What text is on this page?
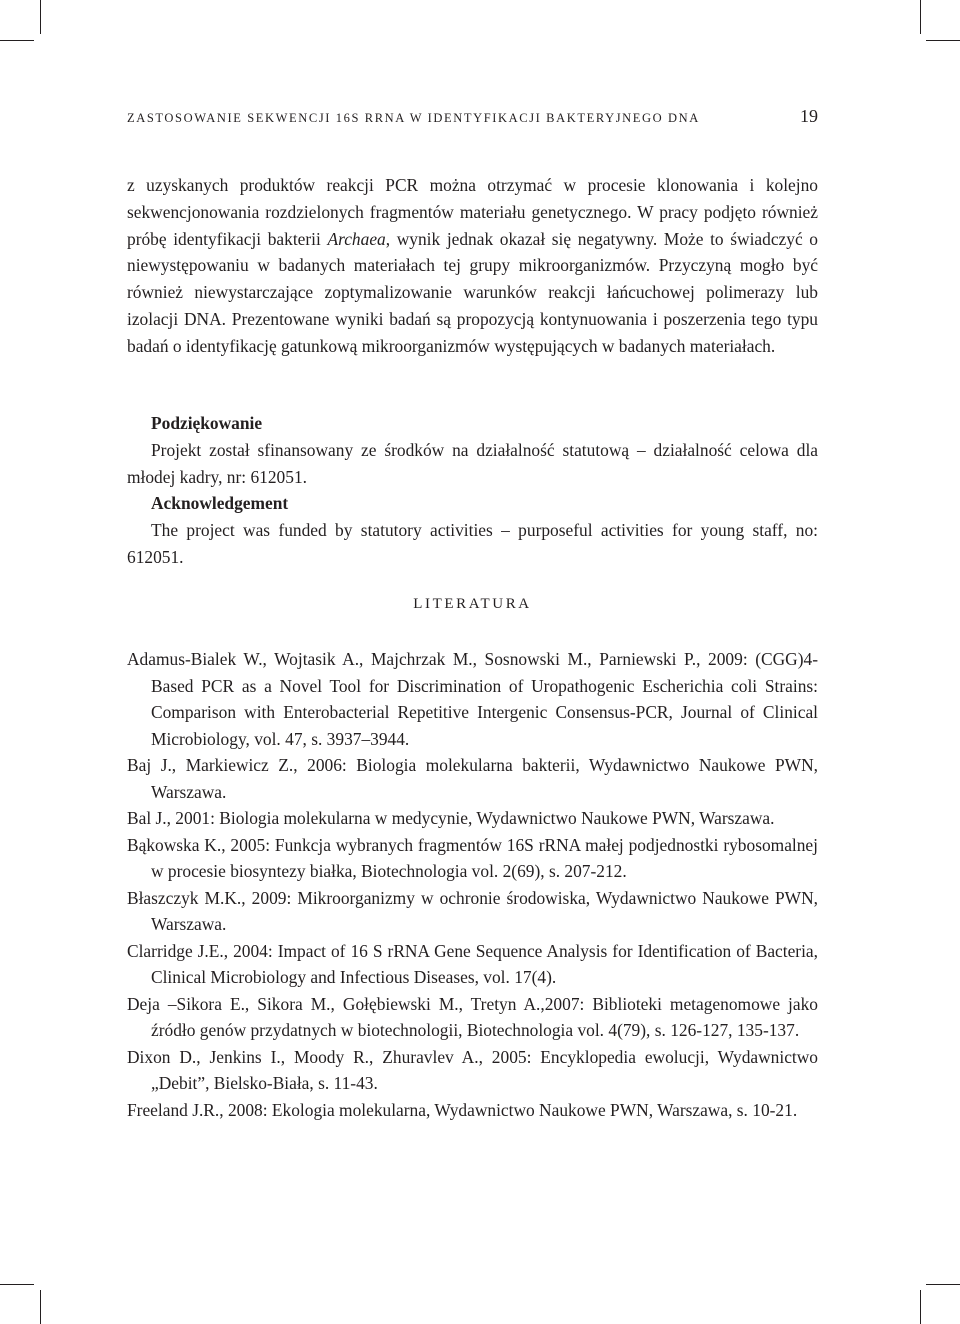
ZASTOSOWANIE SEKWENCJI 16S RRNA W IDENTYFIKACJI BAKTERYJNEGO DNA	19

z uzyskanych produktów reakcji PCR można otrzymać w procesie klonowania i kolejno sekwencjonowania rozdzielonych fragmentów materiału genetycznego. W pracy podjęto również próbę identyfikacji bakterii Archaea, wynik jednak okazał się negatywny. Może to świadczyć o niewystępowaniu w badanych materiałach tej grupy mikroorganizmów. Przyczyną mogło być również niewystarczające zoptymalizowanie warunków reakcji łańcuchowej polimerazy lub izolacji DNA. Prezentowane wyniki badań są propozycją kontynuowania i poszerzenia tego typu badań o identyfikację gatunkową mikroorganizmów występujących w badanych materiałach.

Podziękowanie

Projekt został sfinansowany ze środków na działalność statutową – działalność celowa dla młodej kadry, nr: 612051.

Acknowledgement

The project was funded by statutory activities – purposeful activities for young staff, no: 612051.

LITERATURA

Adamus-Bialek W., Wojtasik A., Majchrzak M., Sosnowski M., Parniewski P., 2009: (CGG)4-Based PCR as a Novel Tool for Discrimination of Uropathogenic Escherichia coli Strains: Comparison with Enterobacterial Repetitive Intergenic Consensus-PCR, Journal of Clinical Microbiology, vol. 47, s. 3937–3944.

Baj J., Markiewicz Z., 2006: Biologia molekularna bakterii, Wydawnictwo Naukowe PWN, Warszawa.

Bal J., 2001: Biologia molekularna w medycynie, Wydawnictwo Naukowe PWN, Warszawa.

Bąkowska K., 2005: Funkcja wybranych fragmentów 16S rRNA małej podjednostki rybosomalnej w procesie biosyntezy białka, Biotechnologia vol. 2(69), s. 207-212.

Błaszczyk M.K., 2009: Mikroorganizmy w ochronie środowiska, Wydawnictwo Naukowe PWN, Warszawa.

Clarridge J.E., 2004: Impact of 16 S rRNA Gene Sequence Analysis for Identification of Bacteria, Clinical Microbiology and Infectious Diseases, vol. 17(4).

Deja –Sikora E., Sikora M., Gołębiewski M., Tretyn A.,2007: Biblioteki metagenomowe jako źródło genów przydatnych w biotechnologii, Biotechnologia vol. 4(79), s. 126-127, 135-137.

Dixon D., Jenkins I., Moody R., Zhuravlev A., 2005: Encyklopedia ewolucji, Wydawnictwo „Debit”, Bielsko-Biała, s. 11-43.

Freeland J.R., 2008: Ekologia molekularna, Wydawnictwo Naukowe PWN, Warszawa, s. 10-21.
